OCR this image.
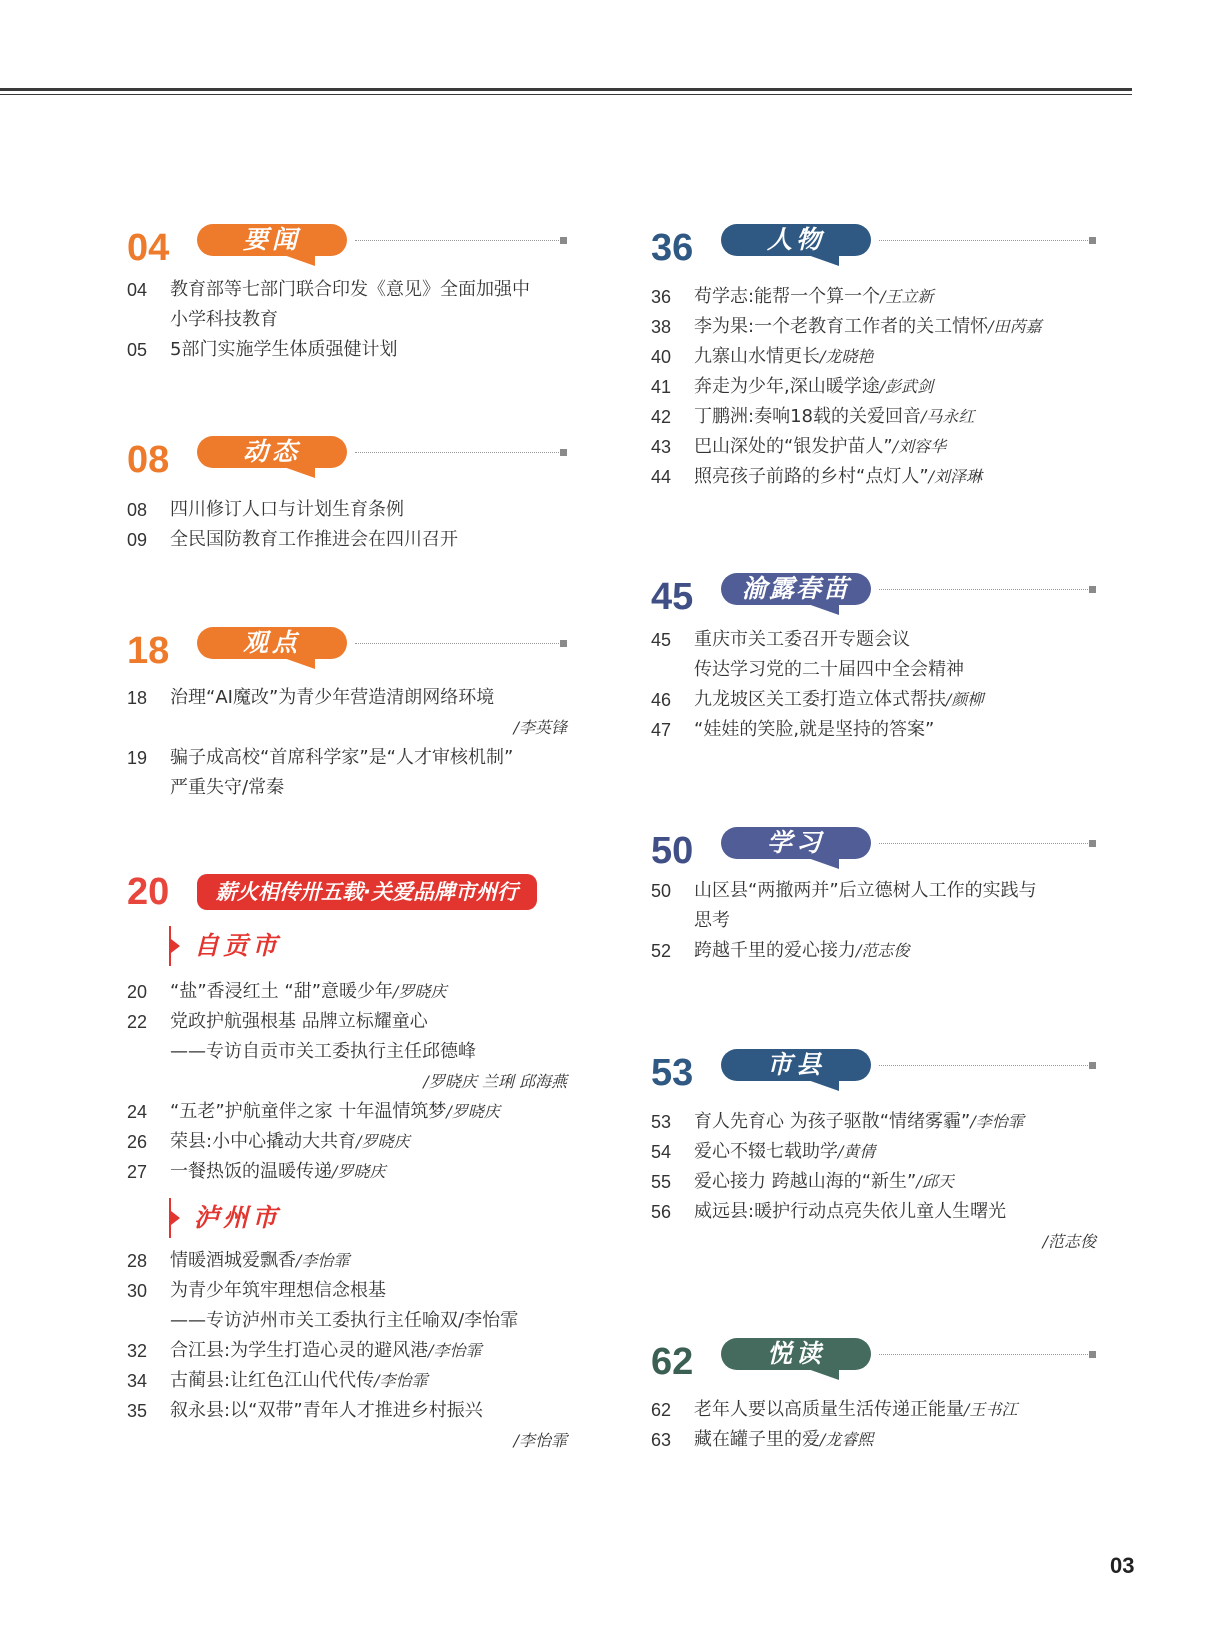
04	要闻
04	教育部等七部门联合印发《意见》全面加强中
小学科技教育
05	5部门实施学生体质强健计划
08	动态
08	四川修订人口与计划生育条例
09	全民国防教育工作推进会在四川召开
18	观点
18	治理“AI魔改”为青少年营造清朗网络环境
/李英锋
19	骗子成高校“首席科学家”是“人才审核机制”
严重失守/常秦
20	薪火相传卅五载·关爱品牌市州行
自贡市
20	“盐”香浸红土 “甜”意暖少年/罗晓庆
22	党政护航强根基 品牌立标耀童心
——专访自贡市关工委执行主任邱德峰
/罗晓庆 兰琍 邱海燕
24	“五老”护航童伴之家 十年温情筑梦/罗晓庆
26	荣县:小中心撬动大共育/罗晓庆
27	一餐热饭的温暖传递/罗晓庆
泸州市
28	情暖酒城爱飘香/李怡霏
30	为青少年筑牢理想信念根基
——专访泸州市关工委执行主任喻双/李怡霏
32	合江县:为学生打造心灵的避风港/李怡霏
34	古蔺县:让红色江山代代传/李怡霏
35	叙永县:以“双带”青年人才推进乡村振兴
/李怡霏
36	人物
36	苟学志:能帮一个算一个/王立新
38	李为果:一个老教育工作者的关工情怀/田芮嘉
40	九寨山水情更长/龙晓艳
41	奔走为少年,深山暖学途/彭武剑
42	丁鹏洲:奏响18载的关爱回音/马永红
43	巴山深处的“银发护苗人”/刘容华
44	照亮孩子前路的乡村“点灯人”/刘泽琳
45	渝露春苗
45	重庆市关工委召开专题会议
传达学习党的二十届四中全会精神
46	九龙坡区关工委打造立体式帮扶/颜柳
47	“娃娃的笑脸,就是坚持的答案”
50	学习
50	山区县“两撤两并”后立德树人工作的实践与
思考
52	跨越千里的爱心接力/范志俊
53	市县
53	育人先育心 为孩子驱散“情绪雾霾”/李怡霏
54	爱心不辍七载助学/黄倩
55	爱心接力 跨越山海的“新生”/邱天
56	威远县:暖护行动点亮失依儿童人生曙光
/范志俊
62	悦读
62	老年人要以高质量生活传递正能量/王书江
63	藏在罐子里的爱/龙睿熙
03
